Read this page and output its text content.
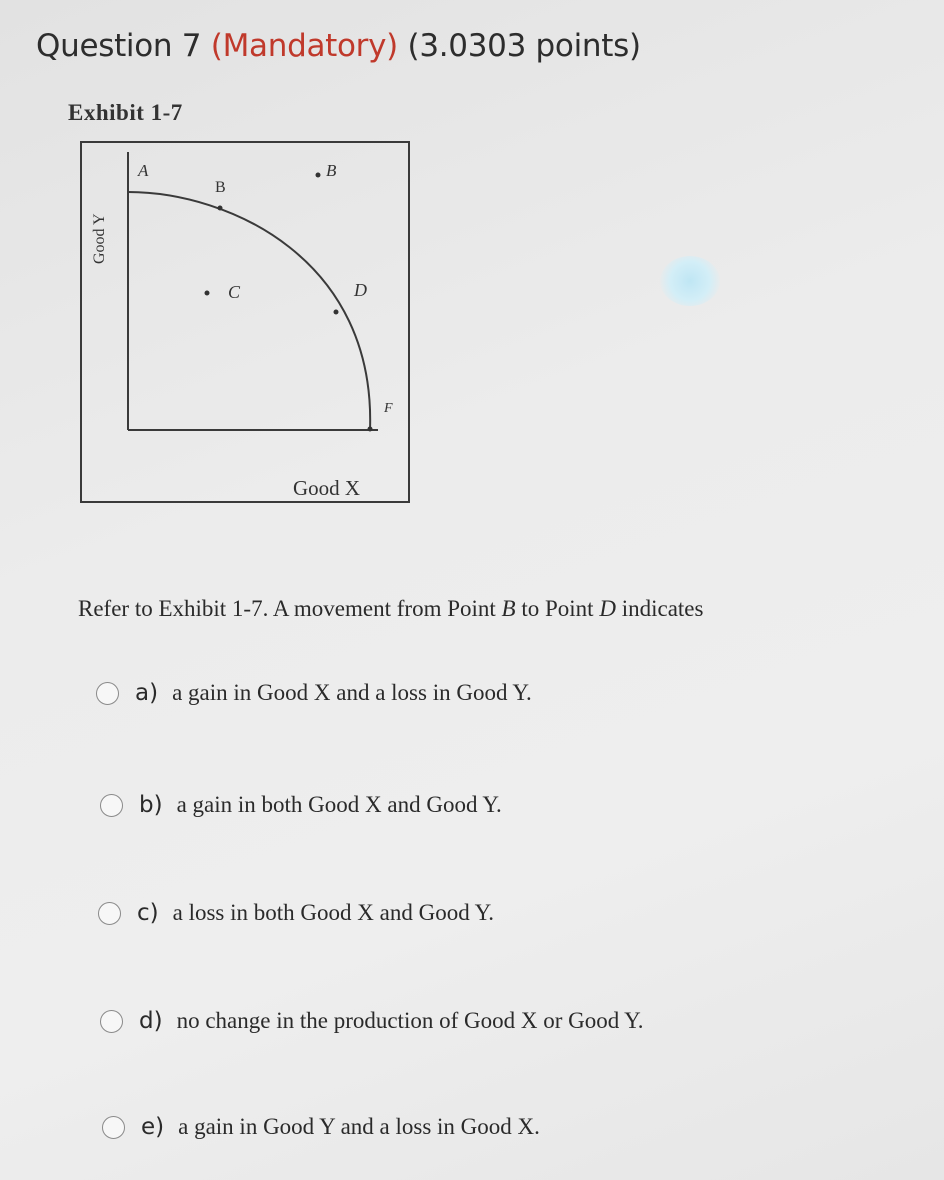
Question 7 (Mandatory) (3.0303 points)
Exhibit 1-7
A
B
B
C	D
F
Good X
Good Y
Refer to Exhibit 1-7. A movement from Point B to Point D indicates
a) a gain in Good X and a loss in Good Y.
b) a gain in both Good X and Good Y.
c) a loss in both Good X and Good Y.
d) no change in the production of Good X or Good Y.
e) a gain in Good Y and a loss in Good X.
